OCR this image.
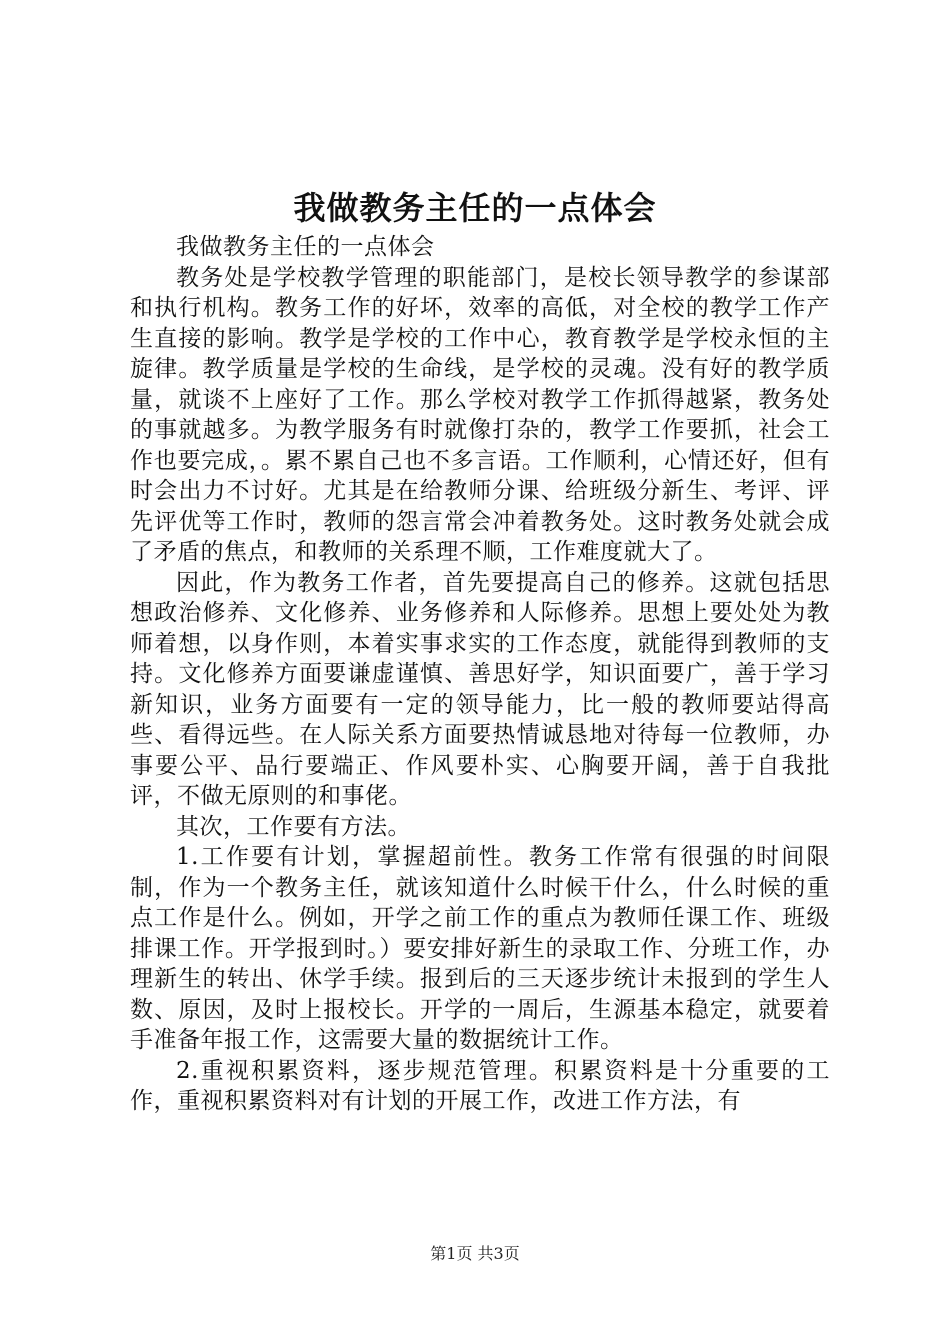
我做教务主任的一点体会

我做教务主任的一点体会

教务处是学校教学管理的职能部门，是校长领导教学的参谋部和执行机构。教务工作的好坏，效率的高低，对全校的教学工作产生直接的影响。教学是学校的工作中心，教育教学是学校永恒的主旋律。教学质量是学校的生命线，是学校的灵魂。没有好的教学质量，就谈不上座好了工作。那么学校对教学工作抓得越紧，教务处的事就越多。为教学服务有时就像打杂的，教学工作要抓，社会工作也要完成，。累不累自己也不多言语。工作顺利，心情还好，但有时会出力不讨好。尤其是在给教师分课、给班级分新生、考评、评先评优等工作时，教师的怨言常会冲着教务处。这时教务处就会成了矛盾的焦点，和教师的关系理不顺，工作难度就大了。

因此，作为教务工作者，首先要提高自己的修养。这就包括思想政治修养、文化修养、业务修养和人际修养。思想上要处处为教师着想，以身作则，本着实事求实的工作态度，就能得到教师的支持。文化修养方面要谦虚谨慎、善思好学，知识面要广，善于学习新知识，业务方面要有一定的领导能力，比一般的教师要站得高些、看得远些。在人际关系方面要热情诚恳地对待每一位教师，办事要公平、品行要端正、作风要朴实、心胸要开阔，善于自我批评，不做无原则的和事佬。

其次，工作要有方法。

1.工作要有计划，掌握超前性。教务工作常有很强的时间限制，作为一个教务主任，就该知道什么时候干什么，什么时候的重点工作是什么。例如，开学之前工作的重点为教师任课工作、班级排课工作。开学报到时。）要安排好新生的录取工作、分班工作，办理新生的转出、休学手续。报到后的三天逐步统计未报到的学生人数、原因，及时上报校长。开学的一周后，生源基本稳定，就要着手准备年报工作，这需要大量的数据统计工作。

2.重视积累资料，逐步规范管理。积累资料是十分重要的工作，重视积累资料对有计划的开展工作，改进工作方法，有

第1页 共3页
